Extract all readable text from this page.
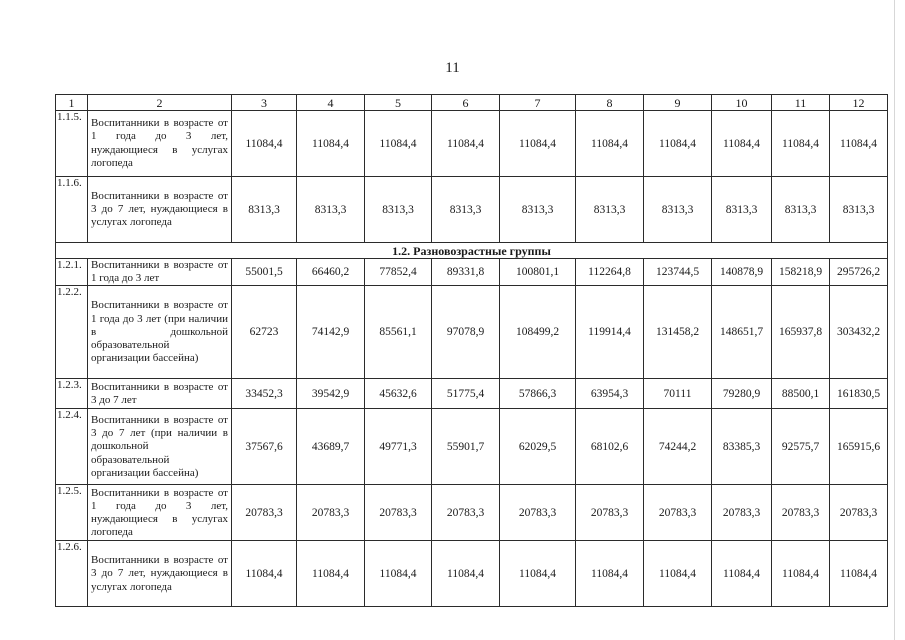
11
1	2	3	4	5	6	7	8	9	10	11	12
1.1.5.	Воспитанники в возрасте от 1 года до 3 лет, нуждающиеся в услугах логопеда	11084,4	11084,4	11084,4	11084,4	11084,4	11084,4	11084,4	11084,4	11084,4	11084,4
1.1.6.	Воспитанники в возрасте от 3 до 7 лет, нуждающиеся в услугах логопеда	8313,3	8313,3	8313,3	8313,3	8313,3	8313,3	8313,3	8313,3	8313,3	8313,3
1.2. Разновозрастные группы											
1.2.1.	Воспитанники в возрасте от 1 года до 3 лет	55001,5	66460,2	77852,4	89331,8	100801,1	112264,8	123744,5	140878,9	158218,9	295726,2
1.2.2.	Воспитанники в возрасте от 1 года до 3 лет (при наличии в дошкольной образовательной организации бассейна)	62723	74142,9	85561,1	97078,9	108499,2	119914,4	131458,2	148651,7	165937,8	303432,2
1.2.3.	Воспитанники в возрасте от 3 до 7 лет	33452,3	39542,9	45632,6	51775,4	57866,3	63954,3	70111	79280,9	88500,1	161830,5
1.2.4.	Воспитанники в возрасте от 3 до 7 лет (при наличии в дошкольной образовательной организации бассейна)	37567,6	43689,7	49771,3	55901,7	62029,5	68102,6	74244,2	83385,3	92575,7	165915,6
1.2.5.	Воспитанники в возрасте от 1 года до 3 лет, нуждающиеся в услугах логопеда	20783,3	20783,3	20783,3	20783,3	20783,3	20783,3	20783,3	20783,3	20783,3	20783,3
1.2.6.	Воспитанники в возрасте от 3 до 7 лет, нуждающиеся в услугах логопеда	11084,4	11084,4	11084,4	11084,4	11084,4	11084,4	11084,4	11084,4	11084,4	11084,4
